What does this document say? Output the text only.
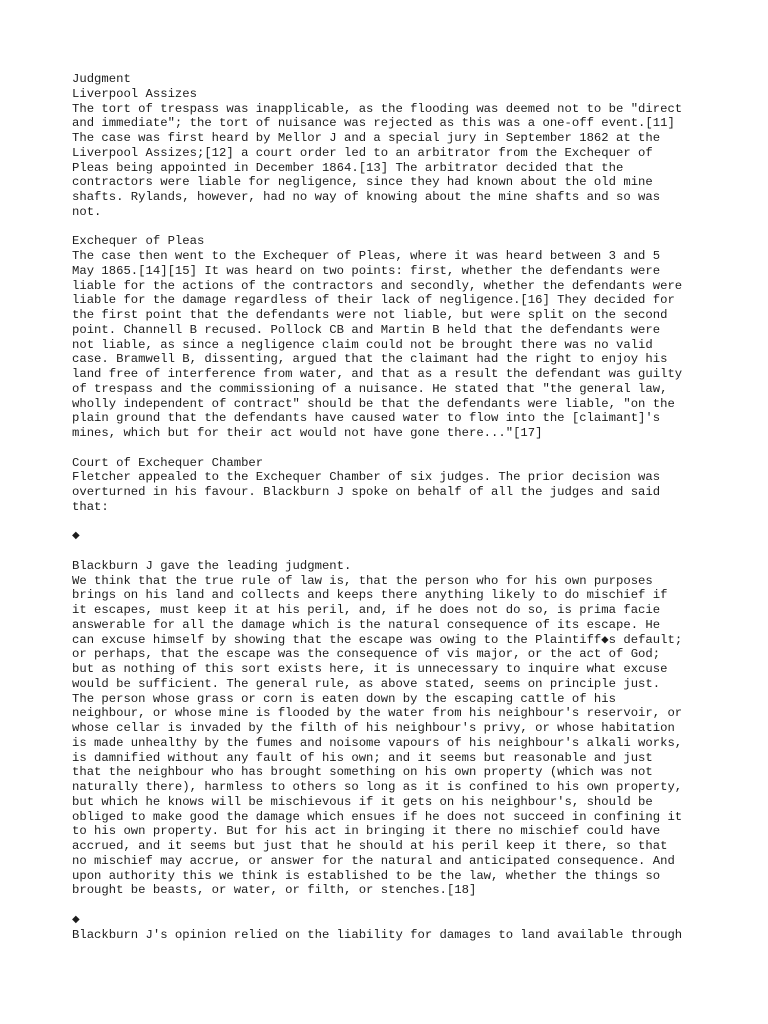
Judgment
Liverpool Assizes
The tort of trespass was inapplicable, as the flooding was deemed not to be "direct
and immediate"; the tort of nuisance was rejected as this was a one-off event.[11]
The case was first heard by Mellor J and a special jury in September 1862 at the
Liverpool Assizes;[12] a court order led to an arbitrator from the Exchequer of
Pleas being appointed in December 1864.[13] The arbitrator decided that the
contractors were liable for negligence, since they had known about the old mine
shafts. Rylands, however, had no way of knowing about the mine shafts and so was
not.
Exchequer of Pleas
The case then went to the Exchequer of Pleas, where it was heard between 3 and 5
May 1865.[14][15] It was heard on two points: first, whether the defendants were
liable for the actions of the contractors and secondly, whether the defendants were
liable for the damage regardless of their lack of negligence.[16] They decided for
the first point that the defendants were not liable, but were split on the second
point. Channell B recused. Pollock CB and Martin B held that the defendants were
not liable, as since a negligence claim could not be brought there was no valid
case. Bramwell B, dissenting, argued that the claimant had the right to enjoy his
land free of interference from water, and that as a result the defendant was guilty
of trespass and the commissioning of a nuisance. He stated that "the general law,
wholly independent of contract" should be that the defendants were liable, "on the
plain ground that the defendants have caused water to flow into the [claimant]'s
mines, which but for their act would not have gone there..."[17]
Court of Exchequer Chamber
Fletcher appealed to the Exchequer Chamber of six judges. The prior decision was
overturned in his favour. Blackburn J spoke on behalf of all the judges and said
that:
◆
Blackburn J gave the leading judgment.
We think that the true rule of law is, that the person who for his own purposes
brings on his land and collects and keeps there anything likely to do mischief if
it escapes, must keep it at his peril, and, if he does not do so, is prima facie
answerable for all the damage which is the natural consequence of its escape. He
can excuse himself by showing that the escape was owing to the Plaintiff◆s default;
or perhaps, that the escape was the consequence of vis major, or the act of God;
but as nothing of this sort exists here, it is unnecessary to inquire what excuse
would be sufficient. The general rule, as above stated, seems on principle just.
The person whose grass or corn is eaten down by the escaping cattle of his
neighbour, or whose mine is flooded by the water from his neighbour's reservoir, or
whose cellar is invaded by the filth of his neighbour's privy, or whose habitation
is made unhealthy by the fumes and noisome vapours of his neighbour's alkali works,
is damnified without any fault of his own; and it seems but reasonable and just
that the neighbour who has brought something on his own property (which was not
naturally there), harmless to others so long as it is confined to his own property,
but which he knows will be mischievous if it gets on his neighbour's, should be
obliged to make good the damage which ensues if he does not succeed in confining it
to his own property. But for his act in bringing it there no mischief could have
accrued, and it seems but just that he should at his peril keep it there, so that
no mischief may accrue, or answer for the natural and anticipated consequence. And
upon authority this we think is established to be the law, whether the things so
brought be beasts, or water, or filth, or stenches.[18]
◆
Blackburn J's opinion relied on the liability for damages to land available through
